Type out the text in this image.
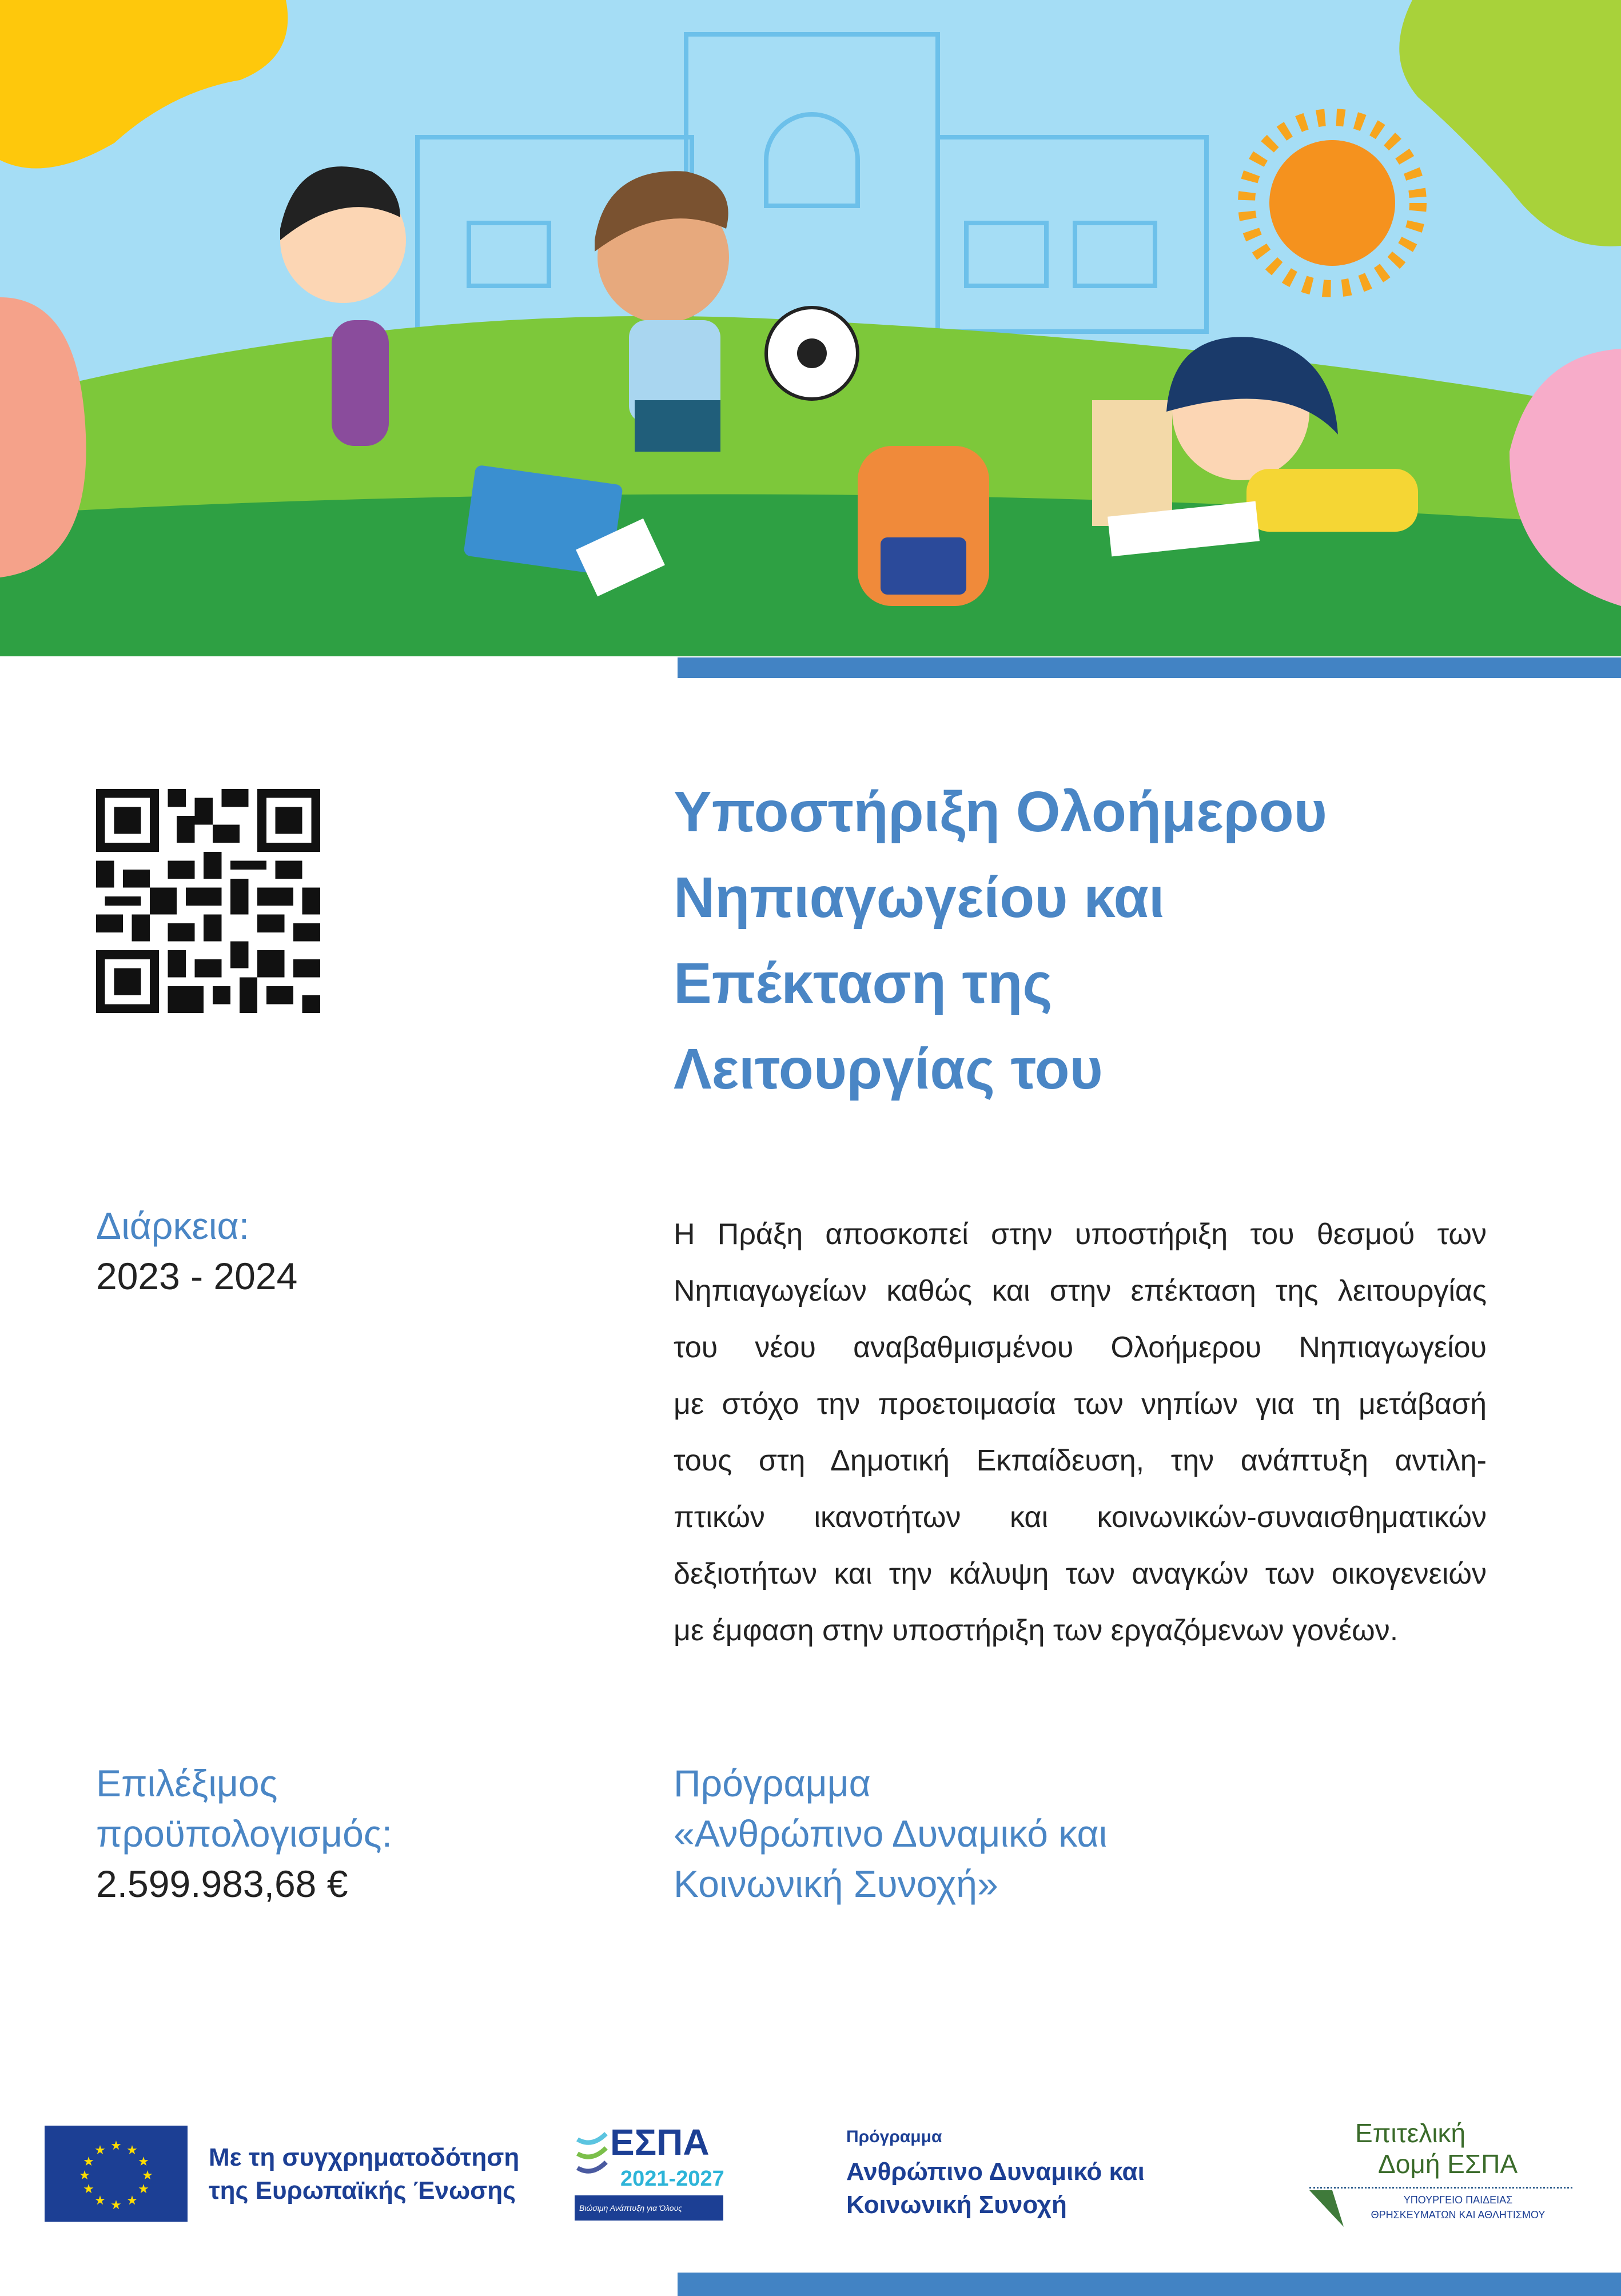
Υποστήριξη Ολοήμερου
Νηπιαγωγείου και
Επέκταση της
Λειτουργίας του
Διάρκεια:
2023 - 2024
Η Πράξη αποσκοπεί στην υποστήριξη του θεσμού των
Νηπιαγωγείων καθώς και στην επέκταση της λειτουργίας
του νέου αναβαθμισμένου Ολοήμερου Νηπιαγωγείου
με στόχο την προετοιμασία των νηπίων για τη μετάβασή
τους στη Δημοτική Εκπαίδευση, την ανάπτυξη αντιλη-
πτικών ικανοτήτων και κοινωνικών-συναισθηματικών
δεξιοτήτων και την κάλυψη των αναγκών των οικογενειών
με έμφαση στην υποστήριξη των εργαζόμενων γονέων.
Επιλέξιμος
προϋπολογισμός:
2.599.983,68 €
Πρόγραμμα
«Ανθρώπινο Δυναμικό και
Κοινωνική Συνοχή»
★ ★
★
★
★
★
★
★
★
★
★
★	Με τη συγχρηματοδότηση
της Ευρωπαϊκής Ένωσης
ΕΣΠΑ
2021-2027
Βιώσιμη Ανάπτυξη για Όλους
Πρόγραμμα
Ανθρώπινο Δυναμικό και
Κοινωνική Συνοχή
Επιτελική
Δομή ΕΣΠΑ
ΥΠΟΥΡΓΕΙΟ ΠΑΙΔΕΙΑΣ
ΘΡΗΣΚΕΥΜΑΤΩΝ ΚΑΙ ΑΘΛΗΤΙΣΜΟΥ
